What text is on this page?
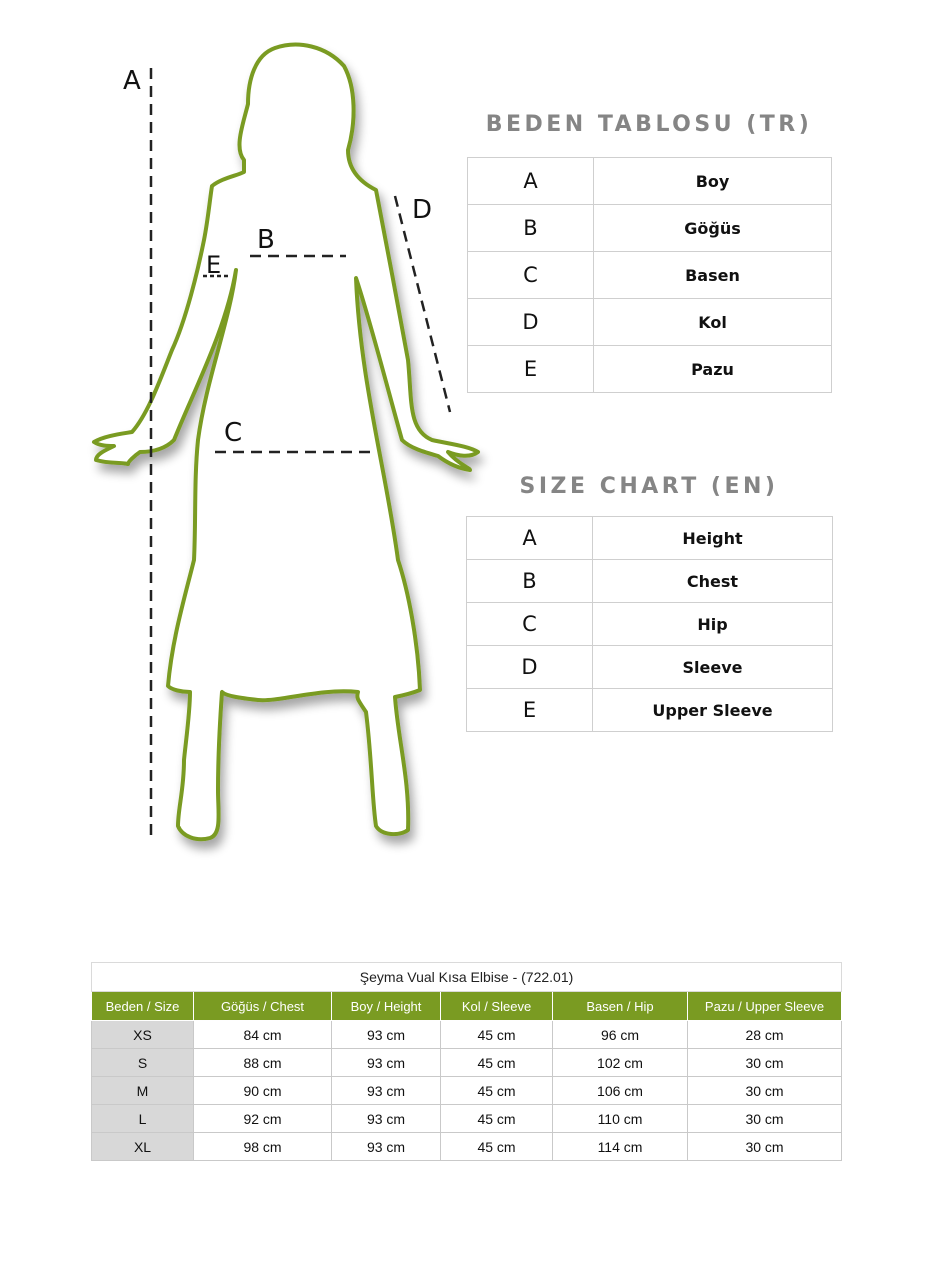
A
B
C
D
E
BEDEN TABLOSU (TR)
A	Boy
B	Göğüs
C	Basen
D	Kol
E	Pazu
SIZE CHART (EN)
A	Height
B	Chest
C	Hip
D	Sleeve
E	Upper Sleeve
Şeyma Vual Kısa Elbise - (722.01)					
Beden / Size	Göğüs / Chest	Boy / Height	Kol / Sleeve	Basen / Hip	Pazu / Upper Sleeve
XS	84 cm	93 cm	45 cm	96 cm	28 cm
S	88 cm	93 cm	45 cm	102 cm	30 cm
M	90 cm	93 cm	45 cm	106 cm	30 cm
L	92 cm	93 cm	45 cm	110 cm	30 cm
XL	98 cm	93 cm	45 cm	114 cm	30 cm
